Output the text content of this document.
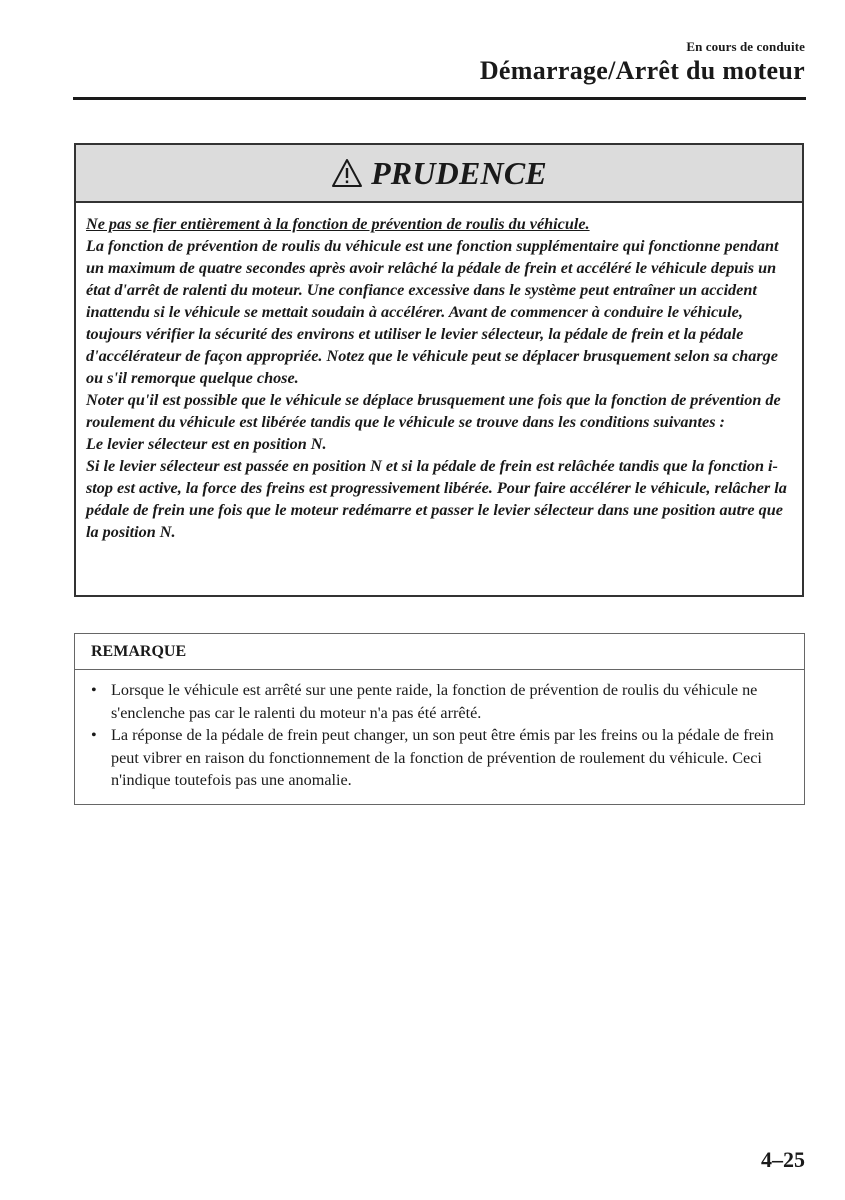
En cours de conduite
Démarrage/Arrêt du moteur
PRUDENCE

Ne pas se fier entièrement à la fonction de prévention de roulis du véhicule.

La fonction de prévention de roulis du véhicule est une fonction supplémentaire qui fonctionne pendant un maximum de quatre secondes après avoir relâché la pédale de frein et accéléré le véhicule depuis un état d'arrêt de ralenti du moteur. Une confiance excessive dans le système peut entraîner un accident inattendu si le véhicule se mettait soudain à accélérer. Avant de commencer à conduire le véhicule, toujours vérifier la sécurité des environs et utiliser le levier sélecteur, la pédale de frein et la pédale d'accélérateur de façon appropriée. Notez que le véhicule peut se déplacer brusquement selon sa charge ou s'il remorque quelque chose.

Noter qu'il est possible que le véhicule se déplace brusquement une fois que la fonction de prévention de roulement du véhicule est libérée tandis que le véhicule se trouve dans les conditions suivantes :

Le levier sélecteur est en position N.

Si le levier sélecteur est passée en position N et si la pédale de frein est relâchée tandis que la fonction i-stop est active, la force des freins est progressivement libérée. Pour faire accélérer le véhicule, relâcher la pédale de frein une fois que le moteur redémarre et passer le levier sélecteur dans une position autre que la position N.

REMARQUE
• Lorsque le véhicule est arrêté sur une pente raide, la fonction de prévention de roulis du véhicule ne s'enclenche pas car le ralenti du moteur n'a pas été arrêté.
• La réponse de la pédale de frein peut changer, un son peut être émis par les freins ou la pédale de frein peut vibrer en raison du fonctionnement de la fonction de prévention de roulement du véhicule. Ceci n'indique toutefois pas une anomalie.
4–25
